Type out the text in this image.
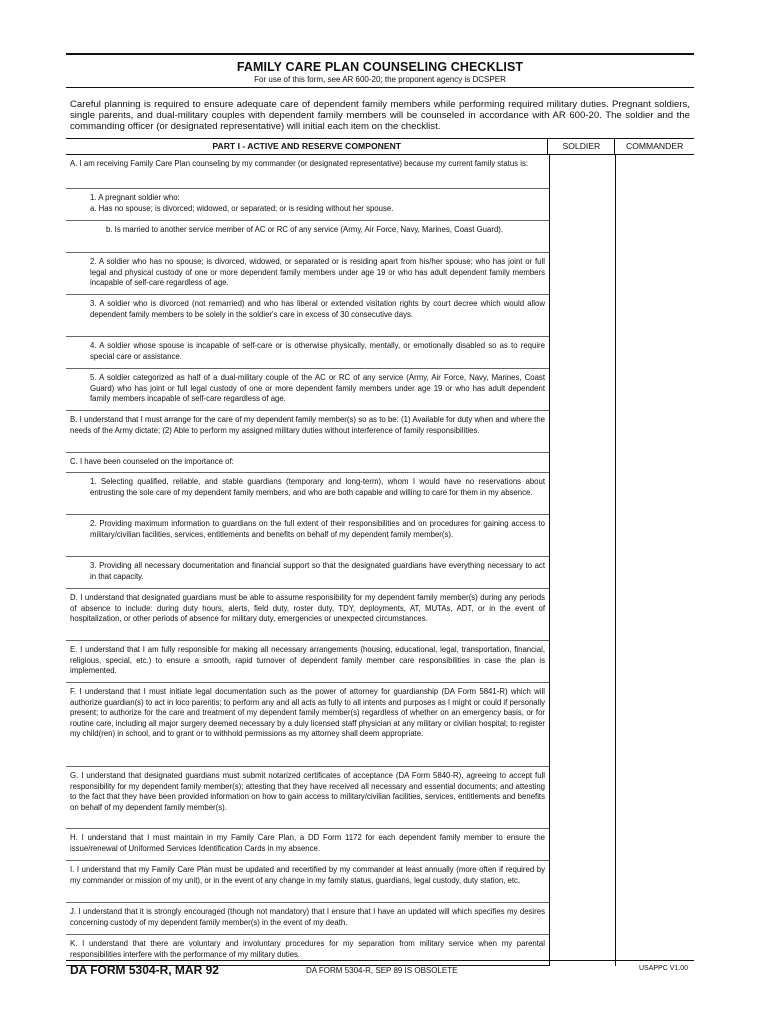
FAMILY CARE PLAN COUNSELING CHECKLIST
For use of this form, see AR 600-20; the proponent agency is DCSPER
Careful planning is required to ensure adequate care of dependent family members while performing required military duties. Pregnant soldiers, single parents, and dual-military couples with dependent family members will be counseled in accordance with AR 600-20. The soldier and the commanding officer (or designated representative) will initial each item on the checklist.
PART I - ACTIVE AND RESERVE COMPONENT	SOLDIER	COMMANDER
A. I am receiving Family Care Plan counseling by my commander (or designated representative) because my current family status is:
1. A pregnant soldier who:
a. Has no spouse; is divorced; widowed, or separated; or is residing without her spouse.
b. Is married to another service member of AC or RC of any service (Army, Air Force, Navy, Marines, Coast Guard).
2. A soldier who has no spouse; is divorced, widowed, or separated or is residing apart from his/her spouse; who has joint or full legal and physical custody of one or more dependent family members under age 19 or who has adult dependent family members incapable of self-care regardless of age.
3. A soldier who is divorced (not remarried) and who has liberal or extended visitation rights by court decree which would allow dependent family members to be solely in the soldier's care in excess of 30 consecutive days.
4. A soldier whose spouse is incapable of self-care or is otherwise physically, mentally, or emotionally disabled so as to require special care or assistance.
5. A soldier categorized as half of a dual-military couple of the AC or RC of any service (Army, Air Force, Navy, Marines, Coast Guard) who has joint or full legal custody of one or more dependent family members under age 19 or who has adult dependent family members incapable of self-care regardless of age.
B. I understand that I must arrange for the care of my dependent family member(s) so as to be: (1) Available for duty when and where the needs of the Army dictate; (2) Able to perform my assigned military duties without interference of family responsibilities.
C. I have been counseled on the importance of:
1. Selecting qualified, reliable, and stable guardians (temporary and long-term), whom I would have no reservations about entrusting the sole care of my dependent family members, and who are both capable and willing to care for them in my absence.
2. Providing maximum information to guardians on the full extent of their responsibilities and on procedures for gaining access to military/civilian facilities, services, entitlements and benefits on behalf of my dependent family member(s).
3. Providing all necessary documentation and financial support so that the designated guardians have everything necessary to act in that capacity.
D. I understand that designated guardians must be able to assume responsibility for my dependent family member(s) during any periods of absence to include: during duty hours, alerts, field duty, roster duty, TDY, deployments, AT, MUTAs, ADT, or in the event of hospitalization, or other periods of absence for military duty, emergencies or unexpected circumstances.
E. I understand that I am fully responsible for making all necessary arrangements (housing, educational, legal, transportation, financial, religious, special, etc.) to ensure a smooth, rapid turnover of dependent family member care responsibilities in case the plan is implemented.
F. I understand that I must initiate legal documentation such as the power of attorney for guardianship (DA Form 5841-R) which will authorize guardian(s) to act in loco parentis; to perform any and all acts as fully to all intents and purposes as I might or could if personally present; to authorize for the care and treatment of my dependent family member(s) regardless of whether on an emergency basis, or for routine care, including all major surgery deemed necessary by a duly licensed staff physician at any military or civilian hospital; to register my child(ren) in school, and to grant or to withhold permissions as my attorney shall deem appropriate.
G. I understand that designated guardians must submit notarized certificates of acceptance (DA Form 5840-R), agreeing to accept full responsibility for my dependent family member(s); attesting that they have received all necessary and essential documents; and attesting to the fact that they have been provided information on how to gain access to military/civilian facilities, services, entitlements and benefits on behalf of my dependent family member(s).
H. I understand that I must maintain in my Family Care Plan, a DD Form 1172 for each dependent family member to ensure the issue/renewal of Uniformed Services Identification Cards in my absence.
I. I understand that my Family Care Plan must be updated and recertified by my commander at least annually (more often if required by my commander or mission of my unit), or in the event of any change in my family status, guardians, legal custody, duty station, etc.
J. I understand that it is strongly encouraged (though not mandatory) that I ensure that I have an updated will which specifies my desires concerning custody of my dependent family member(s) in the event of my death.
K. I understand that there are voluntary and involuntary procedures for my separation from military service when my parental responsibilities interfere with the performance of my military duties.
DA FORM 5304-R, MAR 92	DA FORM 5304-R, SEP 89 IS OBSOLETE	USAPPC V1.00
